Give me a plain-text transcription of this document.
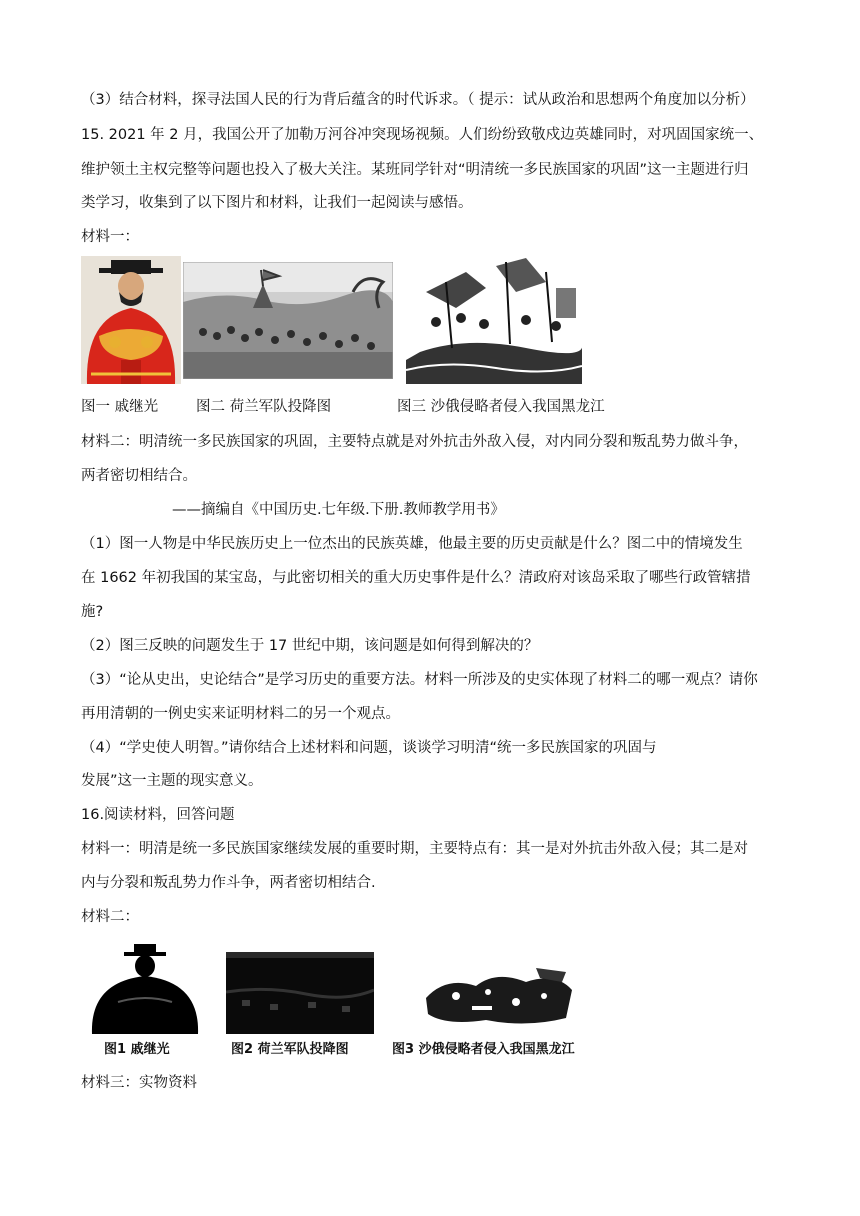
（3）结合材料，探寻法国人民的行为背后蕴含的时代诉求。（ 提示：试从政治和思想两个角度加以分析）
15. 2021 年 2 月，我国公开了加勒万河谷冲突现场视频。人们纷纷致敬戍边英雄同时，对巩固国家统一、
维护领土主权完整等问题也投入了极大关注。某班同学针对“明清统一多民族国家的巩固”这一主题进行归
类学习，收集到了以下图片和材料，让我们一起阅读与感悟。
材料一：
图一 戚继光	图二 荷兰军队投降图	图三 沙俄侵略者侵入我国黑龙江
材料二：明清统一多民族国家的巩固，主要特点就是对外抗击外敌入侵，对内同分裂和叛乱势力做斗争，
两者密切相结合。
——摘编自《中国历史.七年级.下册.教师教学用书》
（1）图一人物是中华民族历史上一位杰出的民族英雄，他最主要的历史贡献是什么？图二中的情境发生
在 1662 年初我国的某宝岛，与此密切相关的重大历史事件是什么？清政府对该岛采取了哪些行政管辖措
施?
（2）图三反映的问题发生于 17 世纪中期，该问题是如何得到解决的？
（3）“论从史出，史论结合”是学习历史的重要方法。材料一所涉及的史实体现了材料二的哪一观点？请你
再用清朝的一例史实来证明材料二的另一个观点。
（4）“学史使人明智。”请你结合上述材料和问题，谈谈学习明清“统一多民族国家的巩固与
发展”这一主题的现实意义。
16.阅读材料，回答问题
材料一：明清是统一多民族国家继续发展的重要时期，主要特点有：其一是对外抗击外敌入侵；其二是对
内与分裂和叛乱势力作斗争，两者密切相结合.
材料二：
图1 戚继光	图2 荷兰军队投降图	图3 沙俄侵略者侵入我国黑龙江
材料三：实物资料
